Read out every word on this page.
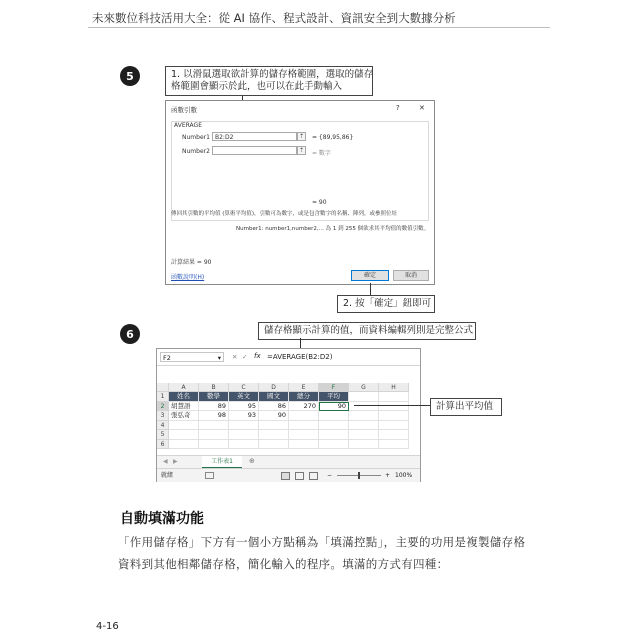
未來數位科技活用大全：從 AI 協作、程式設計、資訊安全到大數據分析
5	1. 以滑鼠選取欲計算的儲存格範圍，選取的儲存
格範圍會顯示於此，也可以在此手動輸入
函數引數	?	✕
AVERAGE
Number1 B2:D2	⇡	= {89,95,86}
Number2	⇡	= 數字
= 90
傳回其引數的平均值 (算術平均值)，引數可為數字，或是包含數字的名稱、陣列，或參照位址
Number1: number1,number2,... 為 1 到 255 個欲求其平均值的數值引數。
計算結果 = 90
函數說明(H)	確定	取消
2. 按「確定」鈕即可
6	儲存格顯示計算的值，而資料編輯列則是完整公式
F2	▾ ✕ ✓ fx =AVERAGE(B2:D2)
A	B	C	D	E	F	G	H
1	姓名	數學	英文	國文	總分	平均
2	胡慧語	89	95	86	270	90
3	張弘奇	98	93	90
4
5
6
◀ ▶	工作表1	⊕
就緒	−	+ 100%
計算出平均值
自動填滿功能
「作用儲存格」下方有一個小方點稱為「填滿控點」，主要的功用是複製儲存格
資料到其他相鄰儲存格，簡化輸入的程序。填滿的方式有四種：
4-16
